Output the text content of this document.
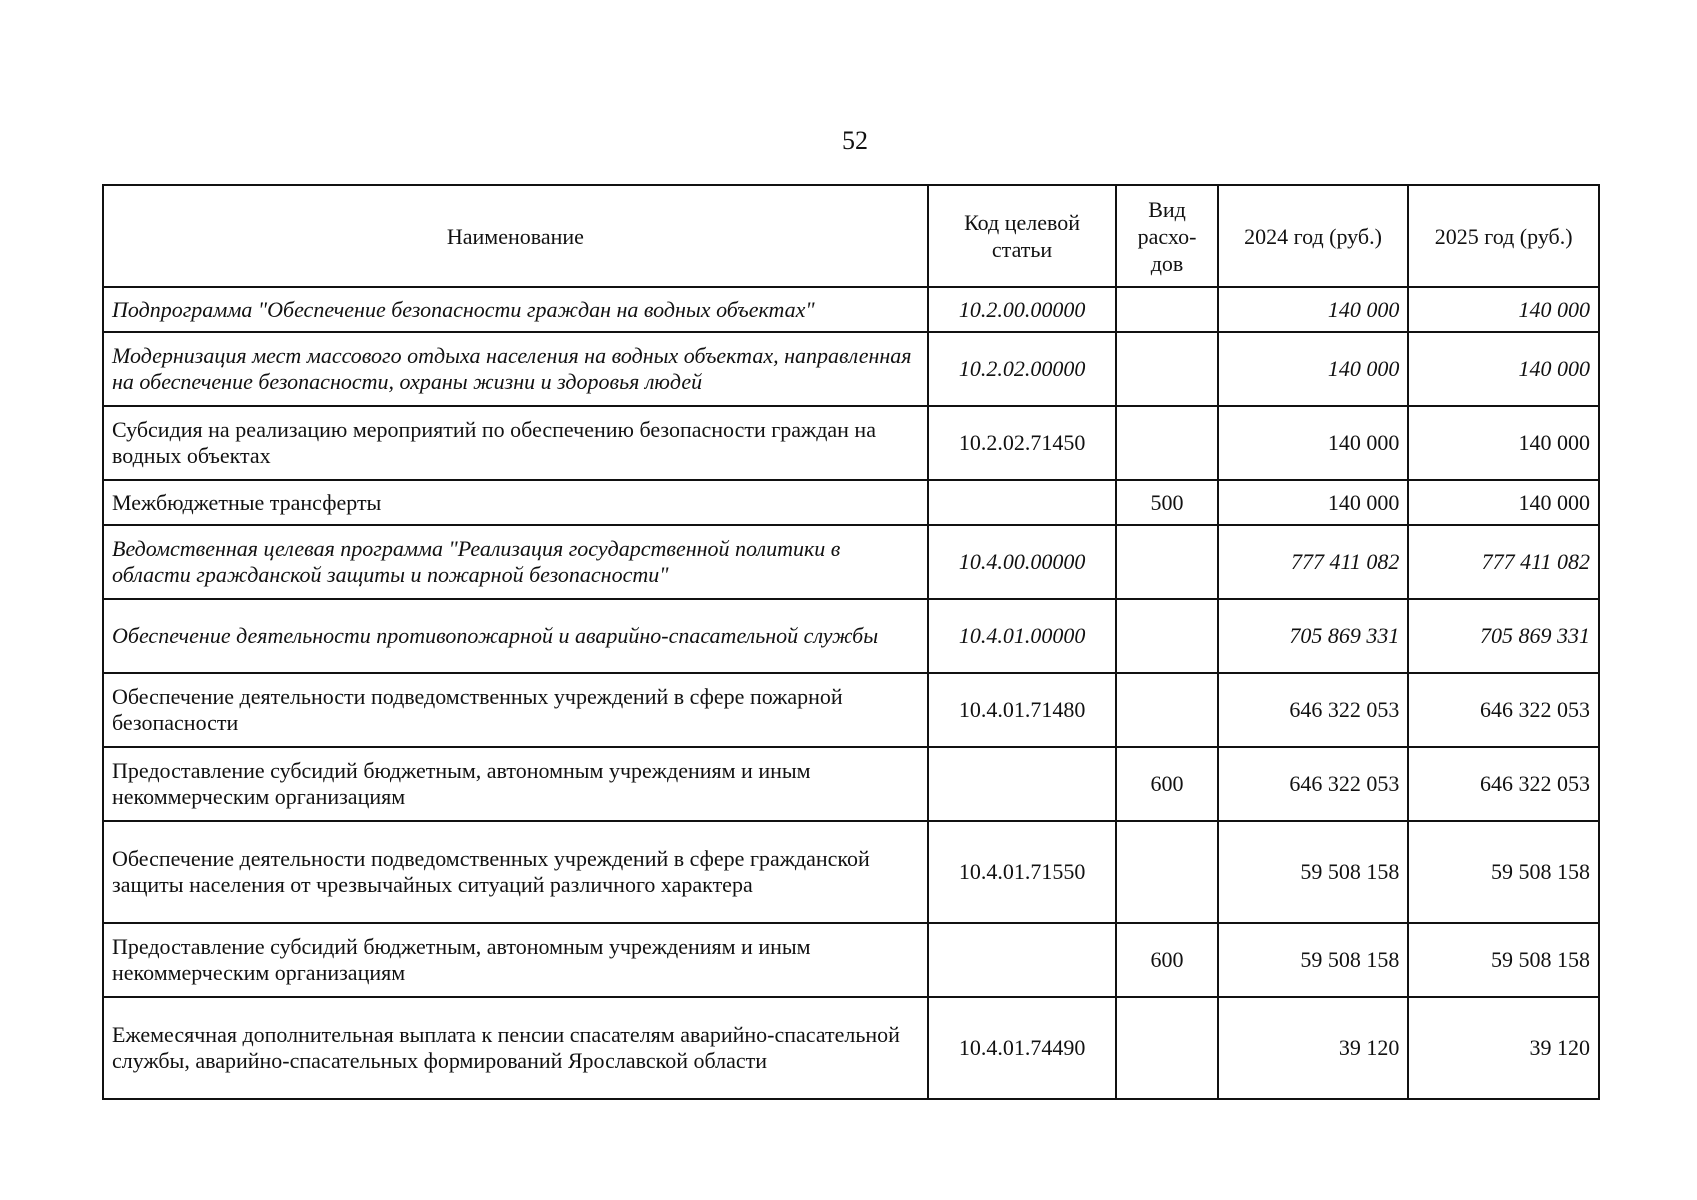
52
Наименование	Код целевой статьи	Вид расхо-дов	2024 год (руб.)	2025 год (руб.)
Подпрограмма "Обеспечение безопасности граждан на водных объектах"	10.2.00.00000		140 000	140 000
Модернизация мест массового отдыха населения на водных объектах, направленная на обеспечение безопасности, охраны жизни и здоровья людей	10.2.02.00000		140 000	140 000
Субсидия на реализацию мероприятий по обеспечению безопасности граждан на водных объектах	10.2.02.71450		140 000	140 000
Межбюджетные трансферты		500	140 000	140 000
Ведомственная целевая программа "Реализация государственной политики в области гражданской защиты и пожарной безопасности"	10.4.00.00000		777 411 082	777 411 082
Обеспечение деятельности противопожарной и аварийно-спасательной службы	10.4.01.00000		705 869 331	705 869 331
Обеспечение деятельности подведомственных учреждений в сфере пожарной безопасности	10.4.01.71480		646 322 053	646 322 053
Предоставление субсидий бюджетным, автономным учреждениям и иным некоммерческим организациям		600	646 322 053	646 322 053
Обеспечение деятельности подведомственных учреждений в сфере гражданской защиты населения от чрезвычайных ситуаций различного характера	10.4.01.71550		59 508 158	59 508 158
Предоставление субсидий бюджетным, автономным учреждениям и иным некоммерческим организациям		600	59 508 158	59 508 158
Ежемесячная дополнительная выплата к пенсии спасателям аварийно-спасательной службы, аварийно-спасательных формирований Ярославской области	10.4.01.74490		39 120	39 120
